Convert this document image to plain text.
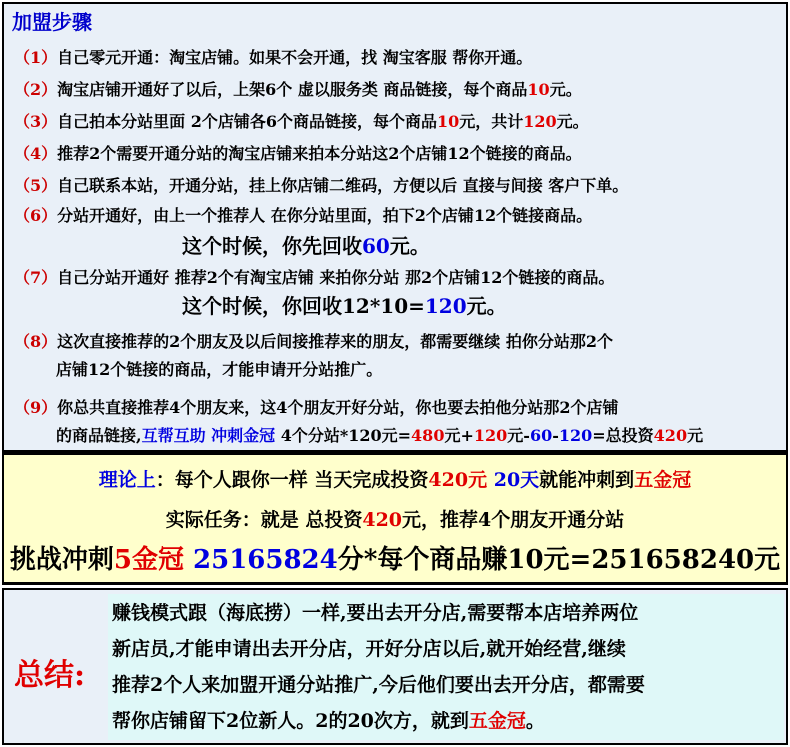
加盟步骤
（1）自己零元开通：淘宝店铺。如果不会开通，找 淘宝客服 帮你开通。
（2）淘宝店铺开通好了以后，上架6个 虚以服务类 商品链接，每个商品10元。
（3）自己拍本分站里面 2个店铺各6个商品链接，每个商品10元，共计120元。
（4）推荐2个需要开通分站的淘宝店铺来拍本分站这2个店铺12个链接的商品。
（5）自己联系本站，开通分站，挂上你店铺二维码，方便以后 直接与间接 客户下单。
（6）分站开通好，由上一个推荐人 在你分站里面，拍下2个店铺12个链接商品。
这个时候，你先回收60元。
（7）自己分站开通好 推荐2个有淘宝店铺 来拍你分站 那2个店铺12个链接的商品。
这个时候，你回收12*10=120元。
（8）这次直接推荐的2个朋友及以后间接推荐来的朋友，都需要继续 拍你分站那2个
店铺12个链接的商品，才能申请开分站推广。
（9）你总共直接推荐4个朋友来，这4个朋友开好分站，你也要去拍他分站那2个店铺
的商品链接,互帮互助 冲刺金冠 4个分站*120元=480元+120元-60-120=总投资420元
理论上：每个人跟你一样 当天完成投资420元 20天就能冲刺到五金冠
实际任务：就是 总投资420元，推荐4个朋友开通分站
挑战冲刺5金冠 25165824分*每个商品赚10元=251658240元
总结:
赚钱模式跟（海底捞）一样,要出去开分店,需要帮本店培养两位
新店员,才能申请出去开分店，开好分店以后,就开始经营,继续
推荐2个人来加盟开通分站推广,今后他们要出去开分店，都需要
帮你店铺留下2位新人。2的20次方，就到五金冠。
